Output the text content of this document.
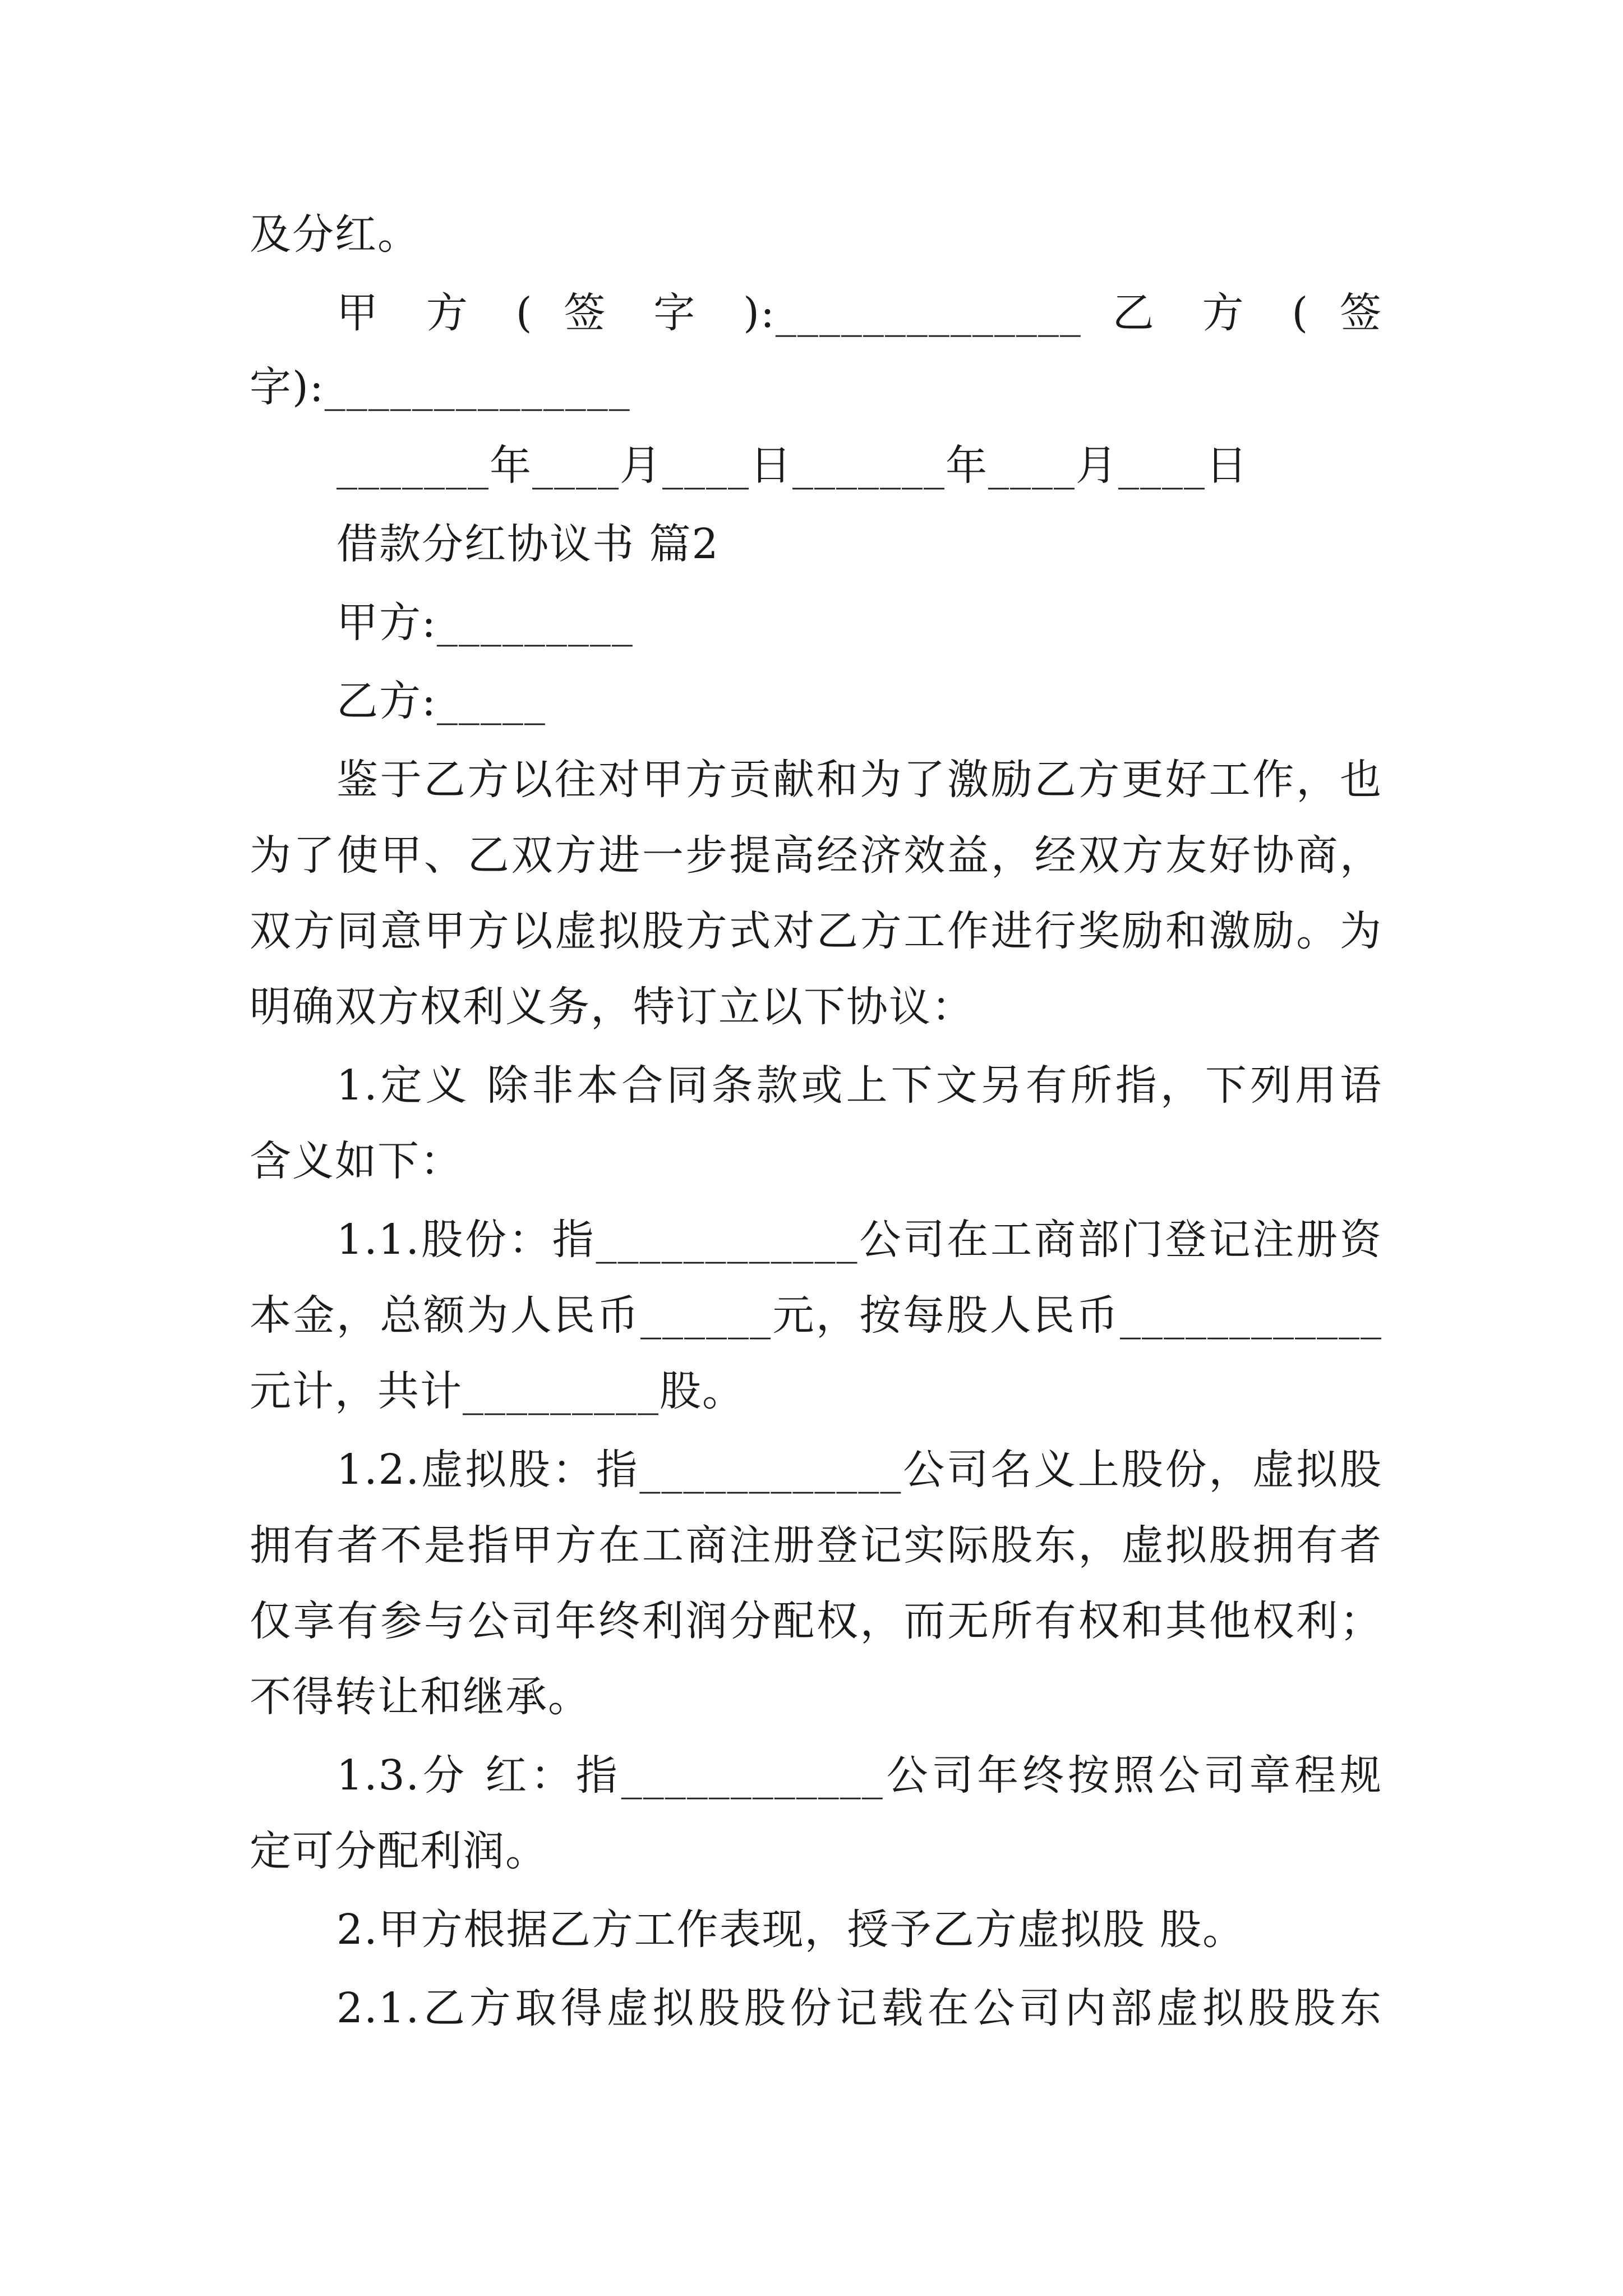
及分红。
甲 方 ( 签 字 ):______________ 乙 方 ( 签
字):______________
_______年____月____日_______年____月____日
借款分红协议书 篇2
甲方:_________
乙方:_____
鉴于乙方以往对甲方贡献和为了激励乙方更好工作，也
为了使甲、乙双方进一步提高经济效益，经双方友好协商，
双方同意甲方以虚拟股方式对乙方工作进行奖励和激励。为
明确双方权利义务，特订立以下协议：
1.定义 除非本合同条款或上下文另有所指，下列用语
含义如下：
1.1.股份：指____________公司在工商部门登记注册资
本金，总额为人民币______元，按每股人民币____________
元计，共计_________股。
1.2.虚拟股：指____________公司名义上股份，虚拟股
拥有者不是指甲方在工商注册登记实际股东，虚拟股拥有者
仅享有参与公司年终利润分配权，而无所有权和其他权利；
不得转让和继承。
1.3.分 红：指____________公司年终按照公司章程规
定可分配利润。
2.甲方根据乙方工作表现，授予乙方虚拟股 股。
2.1.乙方取得虚拟股股份记载在公司内部虚拟股股东
